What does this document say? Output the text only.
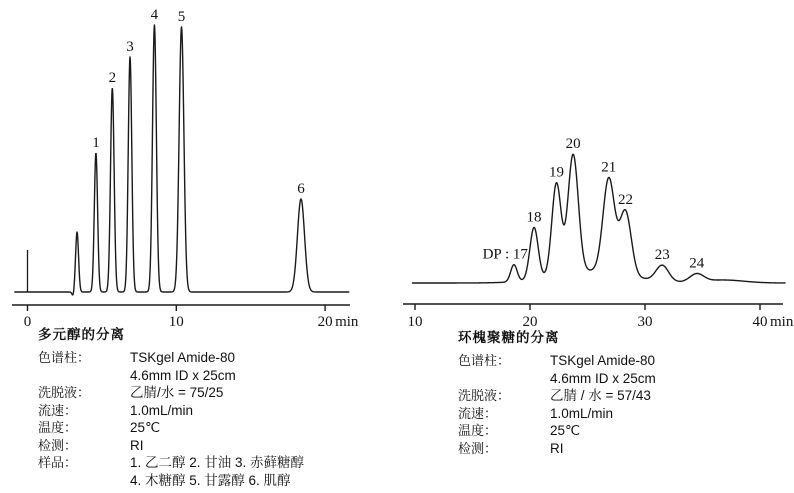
0	10	20 min
1
2
3
4 5
6
10	20	30	40 min
DP : 17
18
19
20
21
22
23
24
多元醇的分离
色谱柱：	TSKgel Amide-80
4.6mm ID x 25cm
洗脱液：	乙腈/水 = 75/25
流速：	1.0mL/min
温度：	25℃
检测：	RI
样品：	1. 乙二醇 2. 甘油 3. 赤藓糖醇
4. 木糖醇 5. 甘露醇 6. 肌醇
环槐聚糖的分离
色谱柱：	TSKgel Amide-80
4.6mm ID x 25cm
洗脱液：	乙腈 / 水 = 57/43
流速：	1.0mL/min
温度：	25℃
检测：	RI
